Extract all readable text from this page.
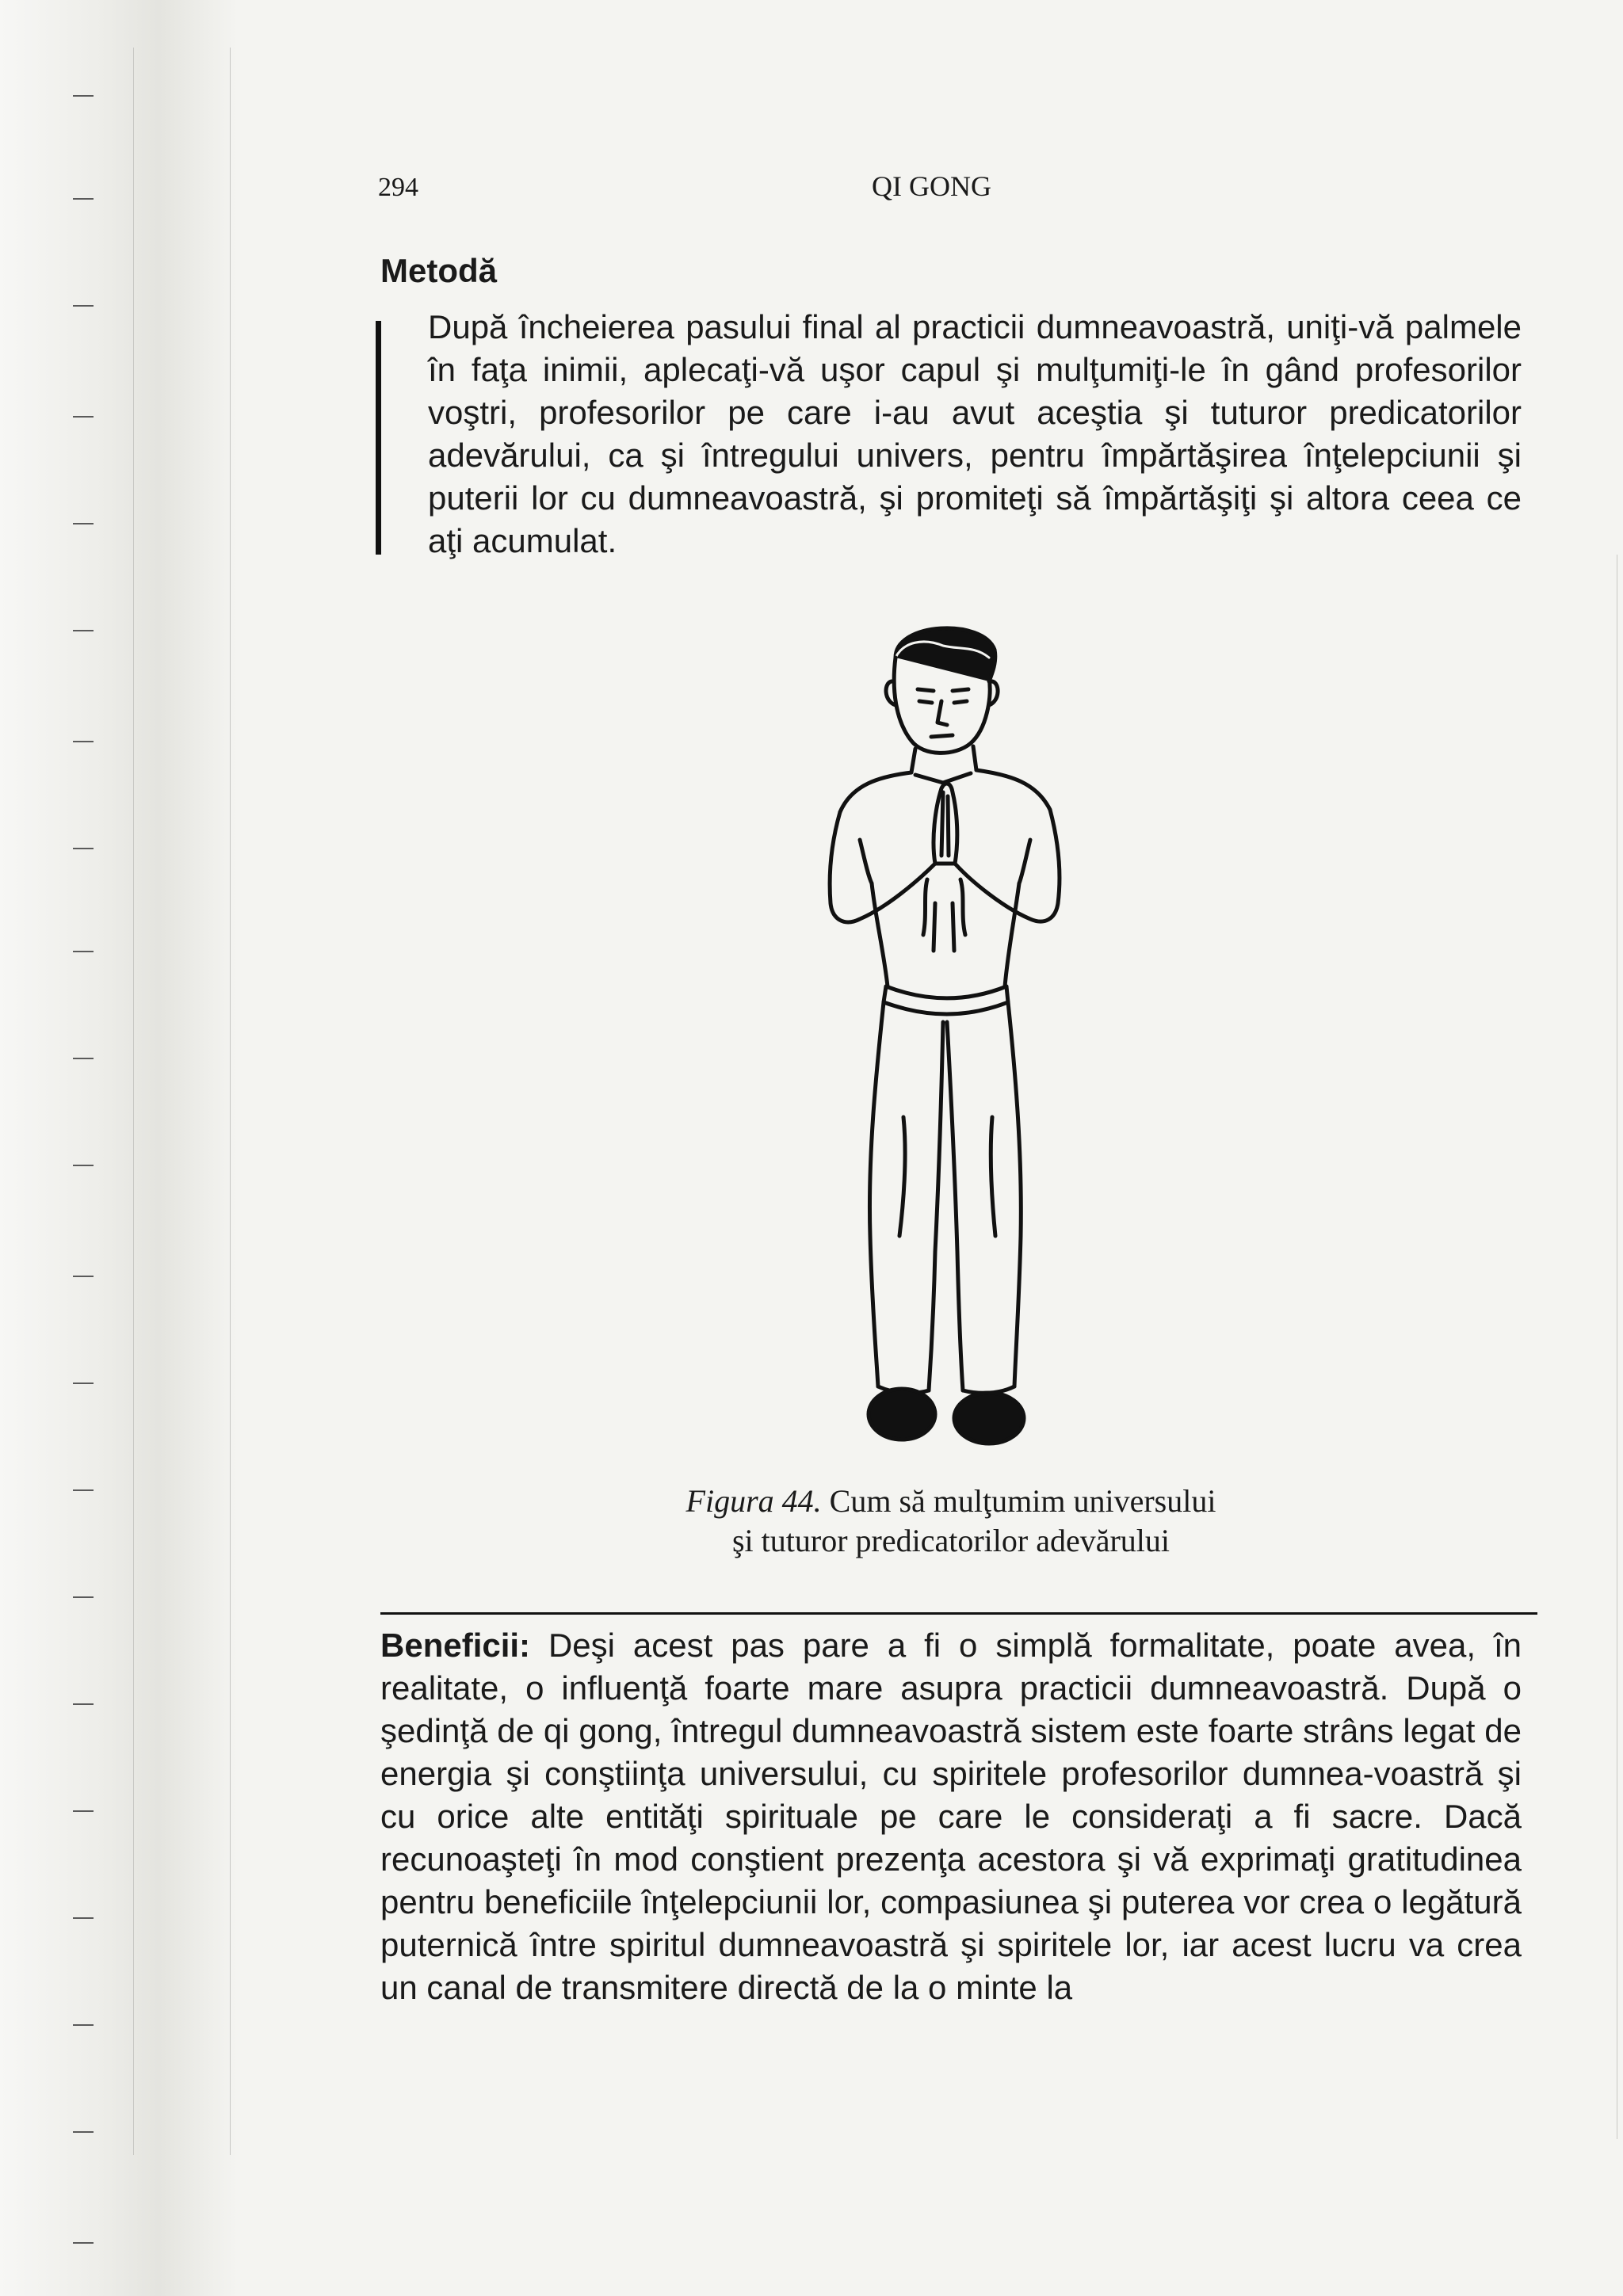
294	QI GONG
Metodă
După încheierea pasului final al practicii dumneavoastră, uniţi-vă palmele în faţa inimii, aplecaţi-vă uşor capul şi mulţumiţi-le în gând profesorilor voştri, profesorilor pe care i-au avut aceştia şi tuturor predicatorilor adevărului, ca şi întregului univers, pentru împărtăşirea înţelepciunii şi puterii lor cu dumneavoastră, şi promiteţi să împărtăşiţi şi altora ceea ce aţi acumulat.
Figura 44. Cum să mulţumim universului
şi tuturor predicatorilor adevărului
Beneficii: Deşi acest pas pare a fi o simplă formalitate, poate avea, în realitate, o influenţă foarte mare asupra practicii dumneavoastră. După o şedinţă de qi gong, întregul dumneavoastră sistem este foarte strâns legat de energia şi conştiinţa universului, cu spiritele profesorilor dumnea-voastră şi cu orice alte entităţi spirituale pe care le consideraţi a fi sacre. Dacă recunoaşteţi în mod conştient prezenţa acestora şi vă exprimaţi gratitudinea pentru beneficiile înţelepciunii lor, compasiunea şi puterea vor crea o legătură puternică între spiritul dumneavoastră şi spiritele lor, iar acest lucru va crea un canal de transmitere directă de la o minte la
